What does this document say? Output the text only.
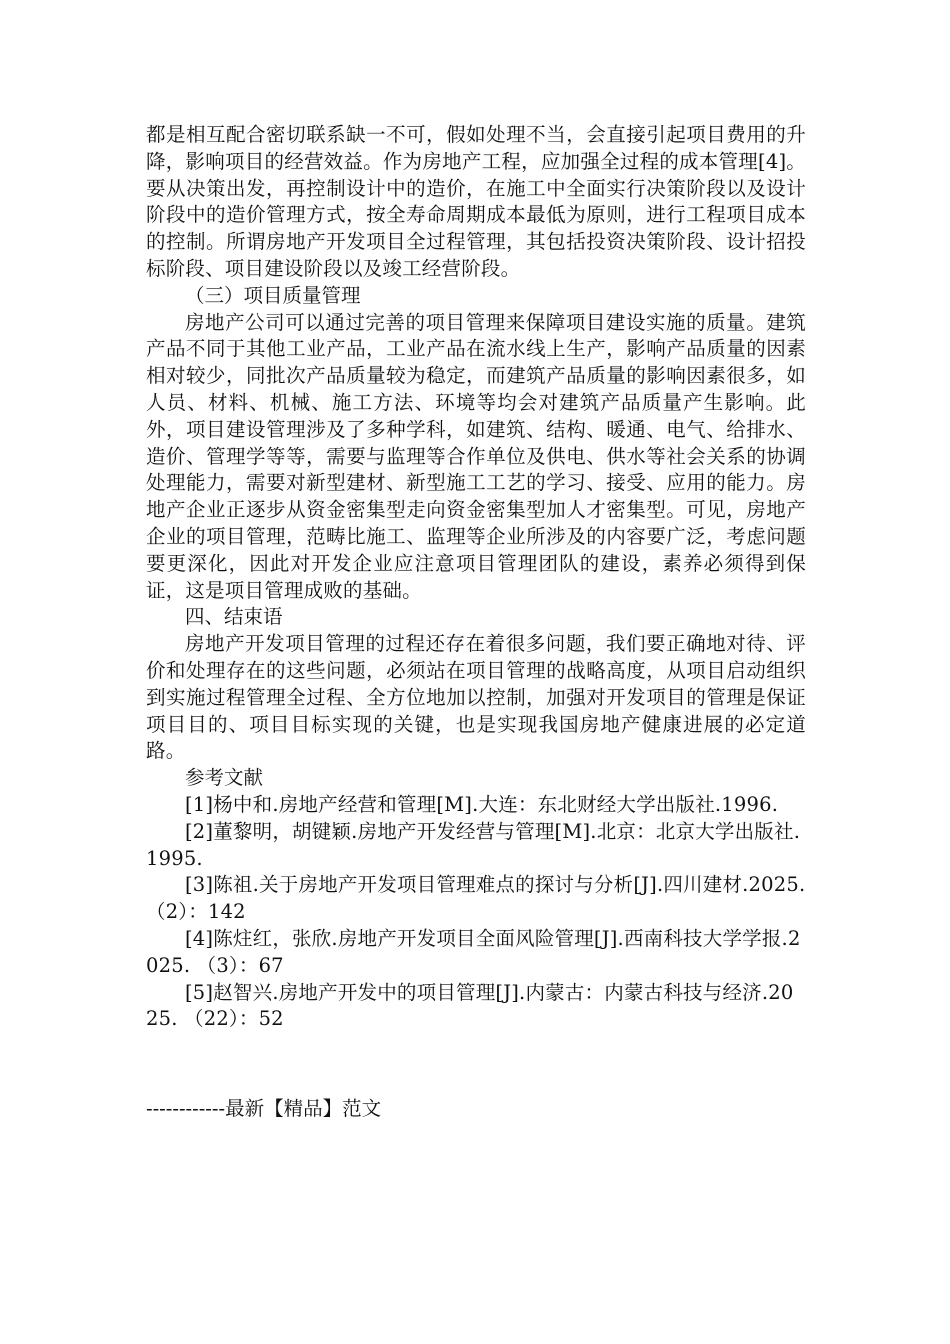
都是相互配合密切联系缺一不可，假如处理不当，会直接引起项目费用的升降，影响项目的经营效益。作为房地产工程，应加强全过程的成本管理[4]。要从决策出发，再控制设计中的造价，在施工中全面实行决策阶段以及设计阶段中的造价管理方式，按全寿命周期成本最低为原则，进行工程项目成本的控制。所谓房地产开发项目全过程管理，其包括投资决策阶段、设计招投标阶段、项目建设阶段以及竣工经营阶段。

（三）项目质量管理

房地产公司可以通过完善的项目管理来保障项目建设实施的质量。建筑产品不同于其他工业产品，工业产品在流水线上生产，影响产品质量的因素相对较少，同批次产品质量较为稳定，而建筑产品质量的影响因素很多，如人员、材料、机械、施工方法、环境等均会对建筑产品质量产生影响。此外，项目建设管理涉及了多种学科，如建筑、结构、暖通、电气、给排水、造价、管理学等等，需要与监理等合作单位及供电、供水等社会关系的协调处理能力，需要对新型建材、新型施工工艺的学习、接受、应用的能力。房地产企业正逐步从资金密集型走向资金密集型加人才密集型。可见，房地产企业的项目管理，范畴比施工、监理等企业所涉及的内容要广泛，考虑问题要更深化，因此对开发企业应注意项目管理团队的建设，素养必须得到保证，这是项目管理成败的基础。

四、结束语

房地产开发项目管理的过程还存在着很多问题，我们要正确地对待、评价和处理存在的这些问题，必须站在项目管理的战略高度，从项目启动组织到实施过程管理全过程、全方位地加以控制，加强对开发项目的管理是保证项目目的、项目目标实现的关键，也是实现我国房地产健康进展的必定道路。

参考文献

[1]杨中和.房地产经营和管理[M].大连：东北财经大学出版社.1996.

[2]董黎明，胡键颖.房地产开发经营与管理[M].北京：北京大学出版社.1995.

[3]陈祖.关于房地产开发项目管理难点的探讨与分析[J].四川建材.2025.（2）：142

[4]陈炷红，张欣.房地产开发项目全面风险管理[J].西南科技大学学报.2025. （3）：67

[5]赵智兴.房地产开发中的项目管理[J].内蒙古：内蒙古科技与经济.2025. （22）：52

------------最新【精品】范文
